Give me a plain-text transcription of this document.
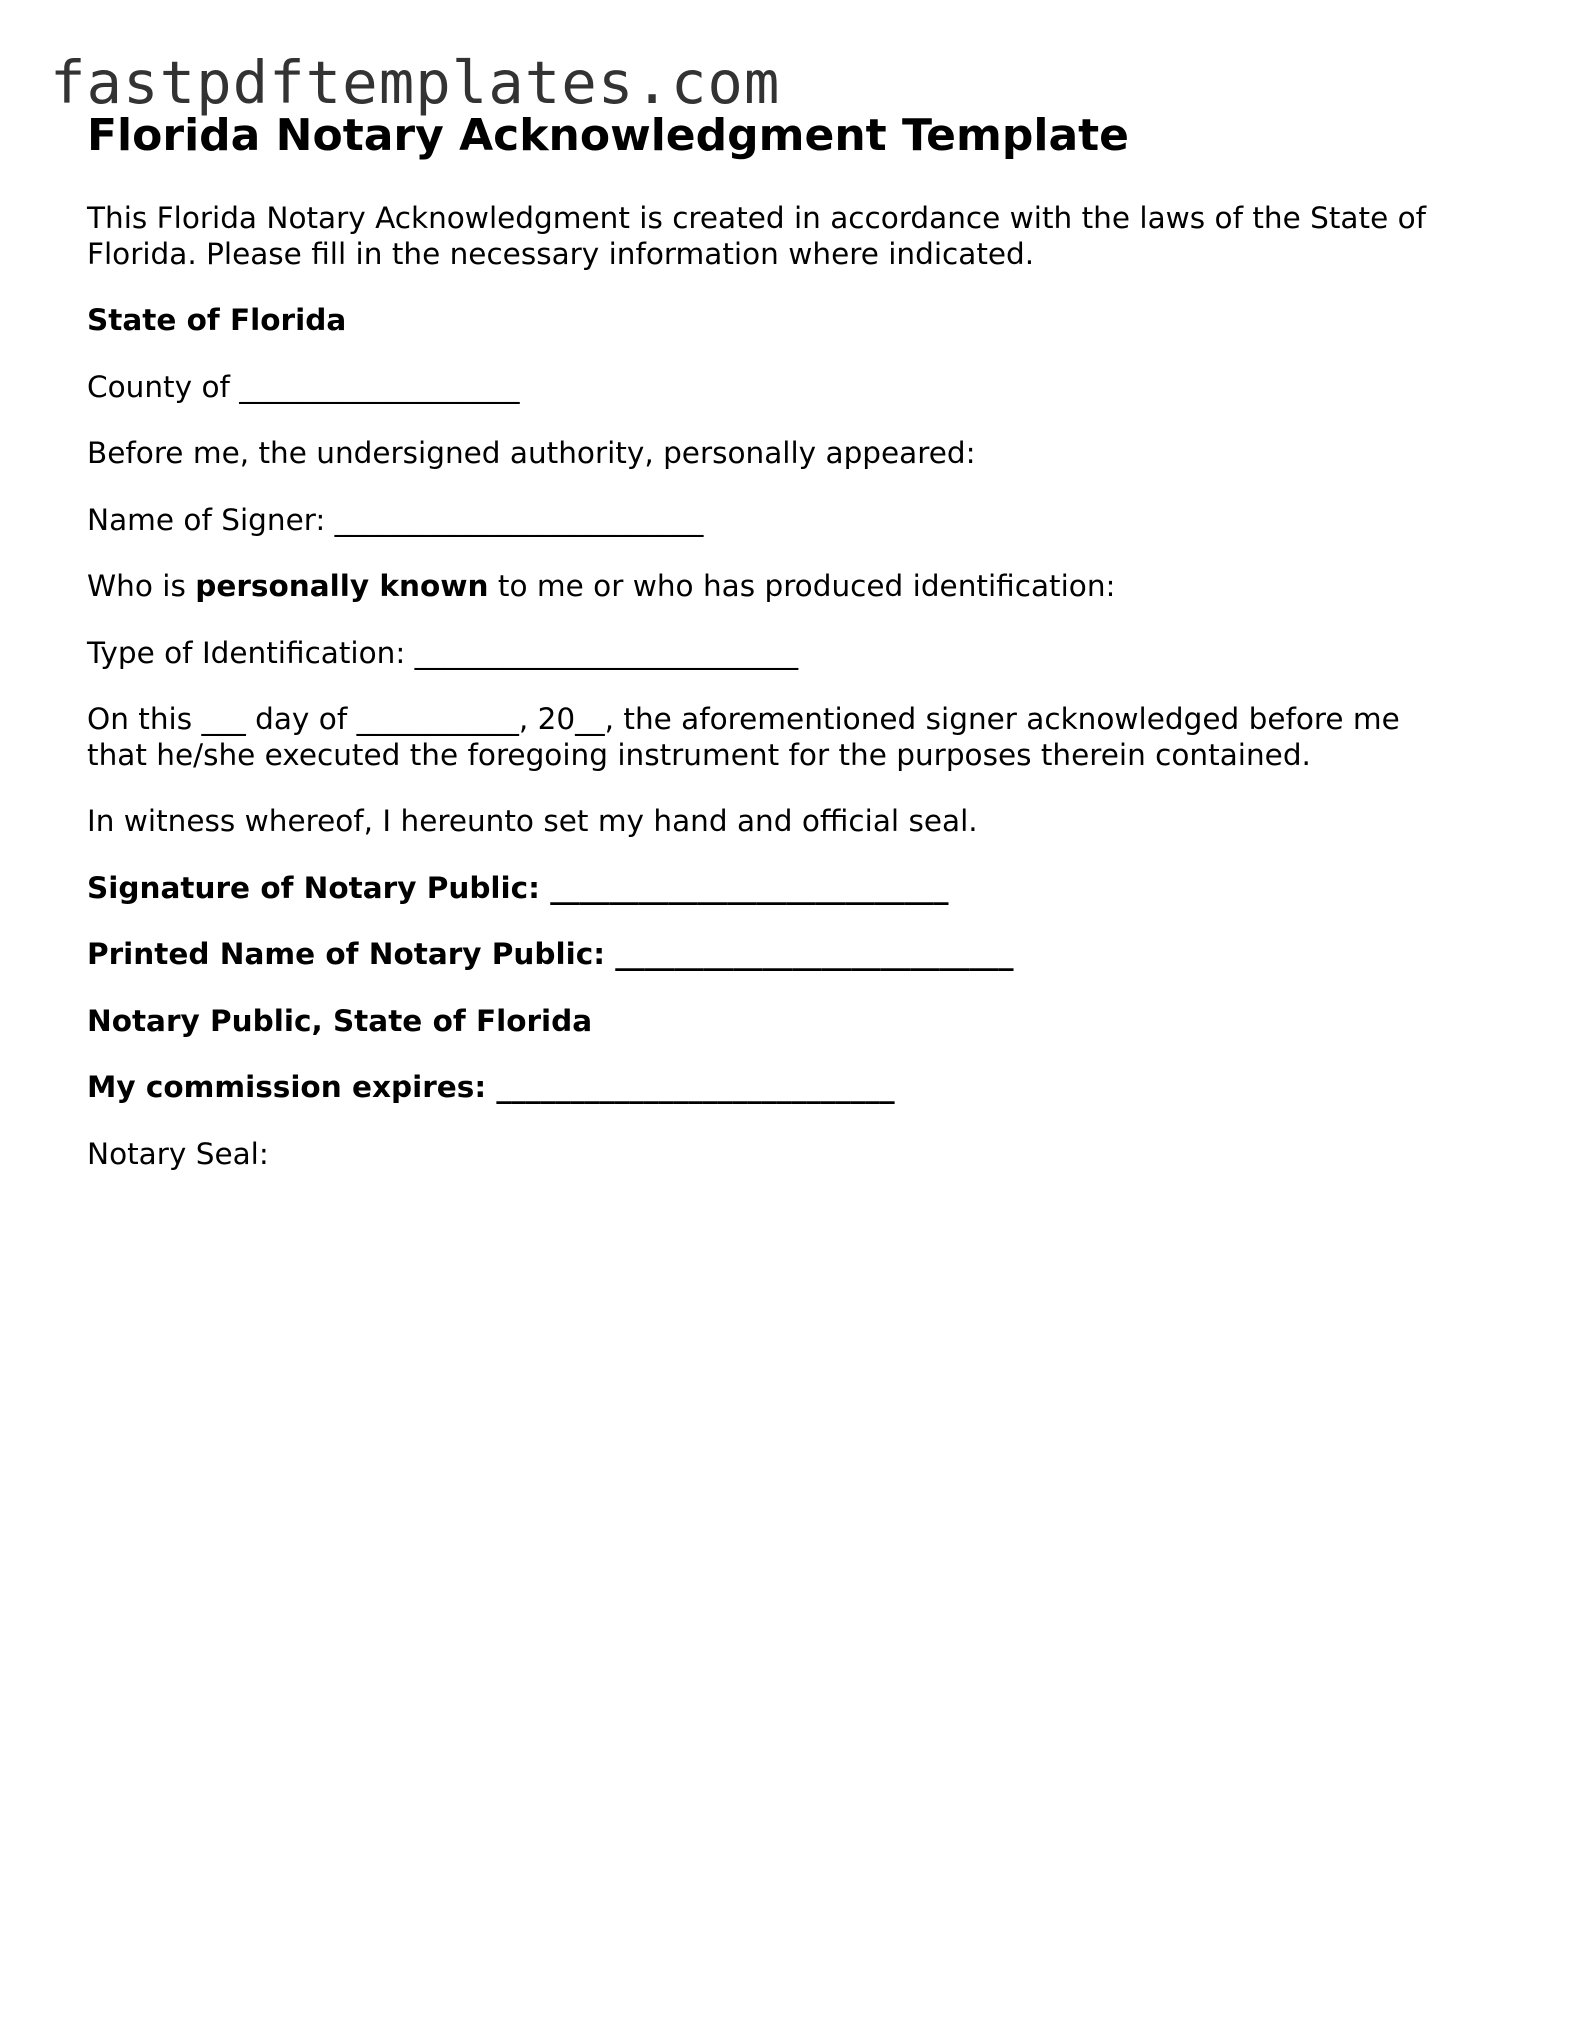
fastpdftemplates.com
Florida Notary Acknowledgment Template
This Florida Notary Acknowledgment is created in accordance with the laws of the State of
Florida. Please fill in the necessary information where indicated.
State of Florida
County of ___________________
Before me, the undersigned authority, personally appeared:
Name of Signer: _________________________
Who is personally known to me or who has produced identification:
Type of Identification: __________________________
On this ___ day of ___________, 20__, the aforementioned signer acknowledged before me
that he/she executed the foregoing instrument for the purposes therein contained.
In witness whereof, I hereunto set my hand and official seal.
Signature of Notary Public: ___________________________
Printed Name of Notary Public: ___________________________
Notary Public, State of Florida
My commission expires: ___________________________
Notary Seal:
